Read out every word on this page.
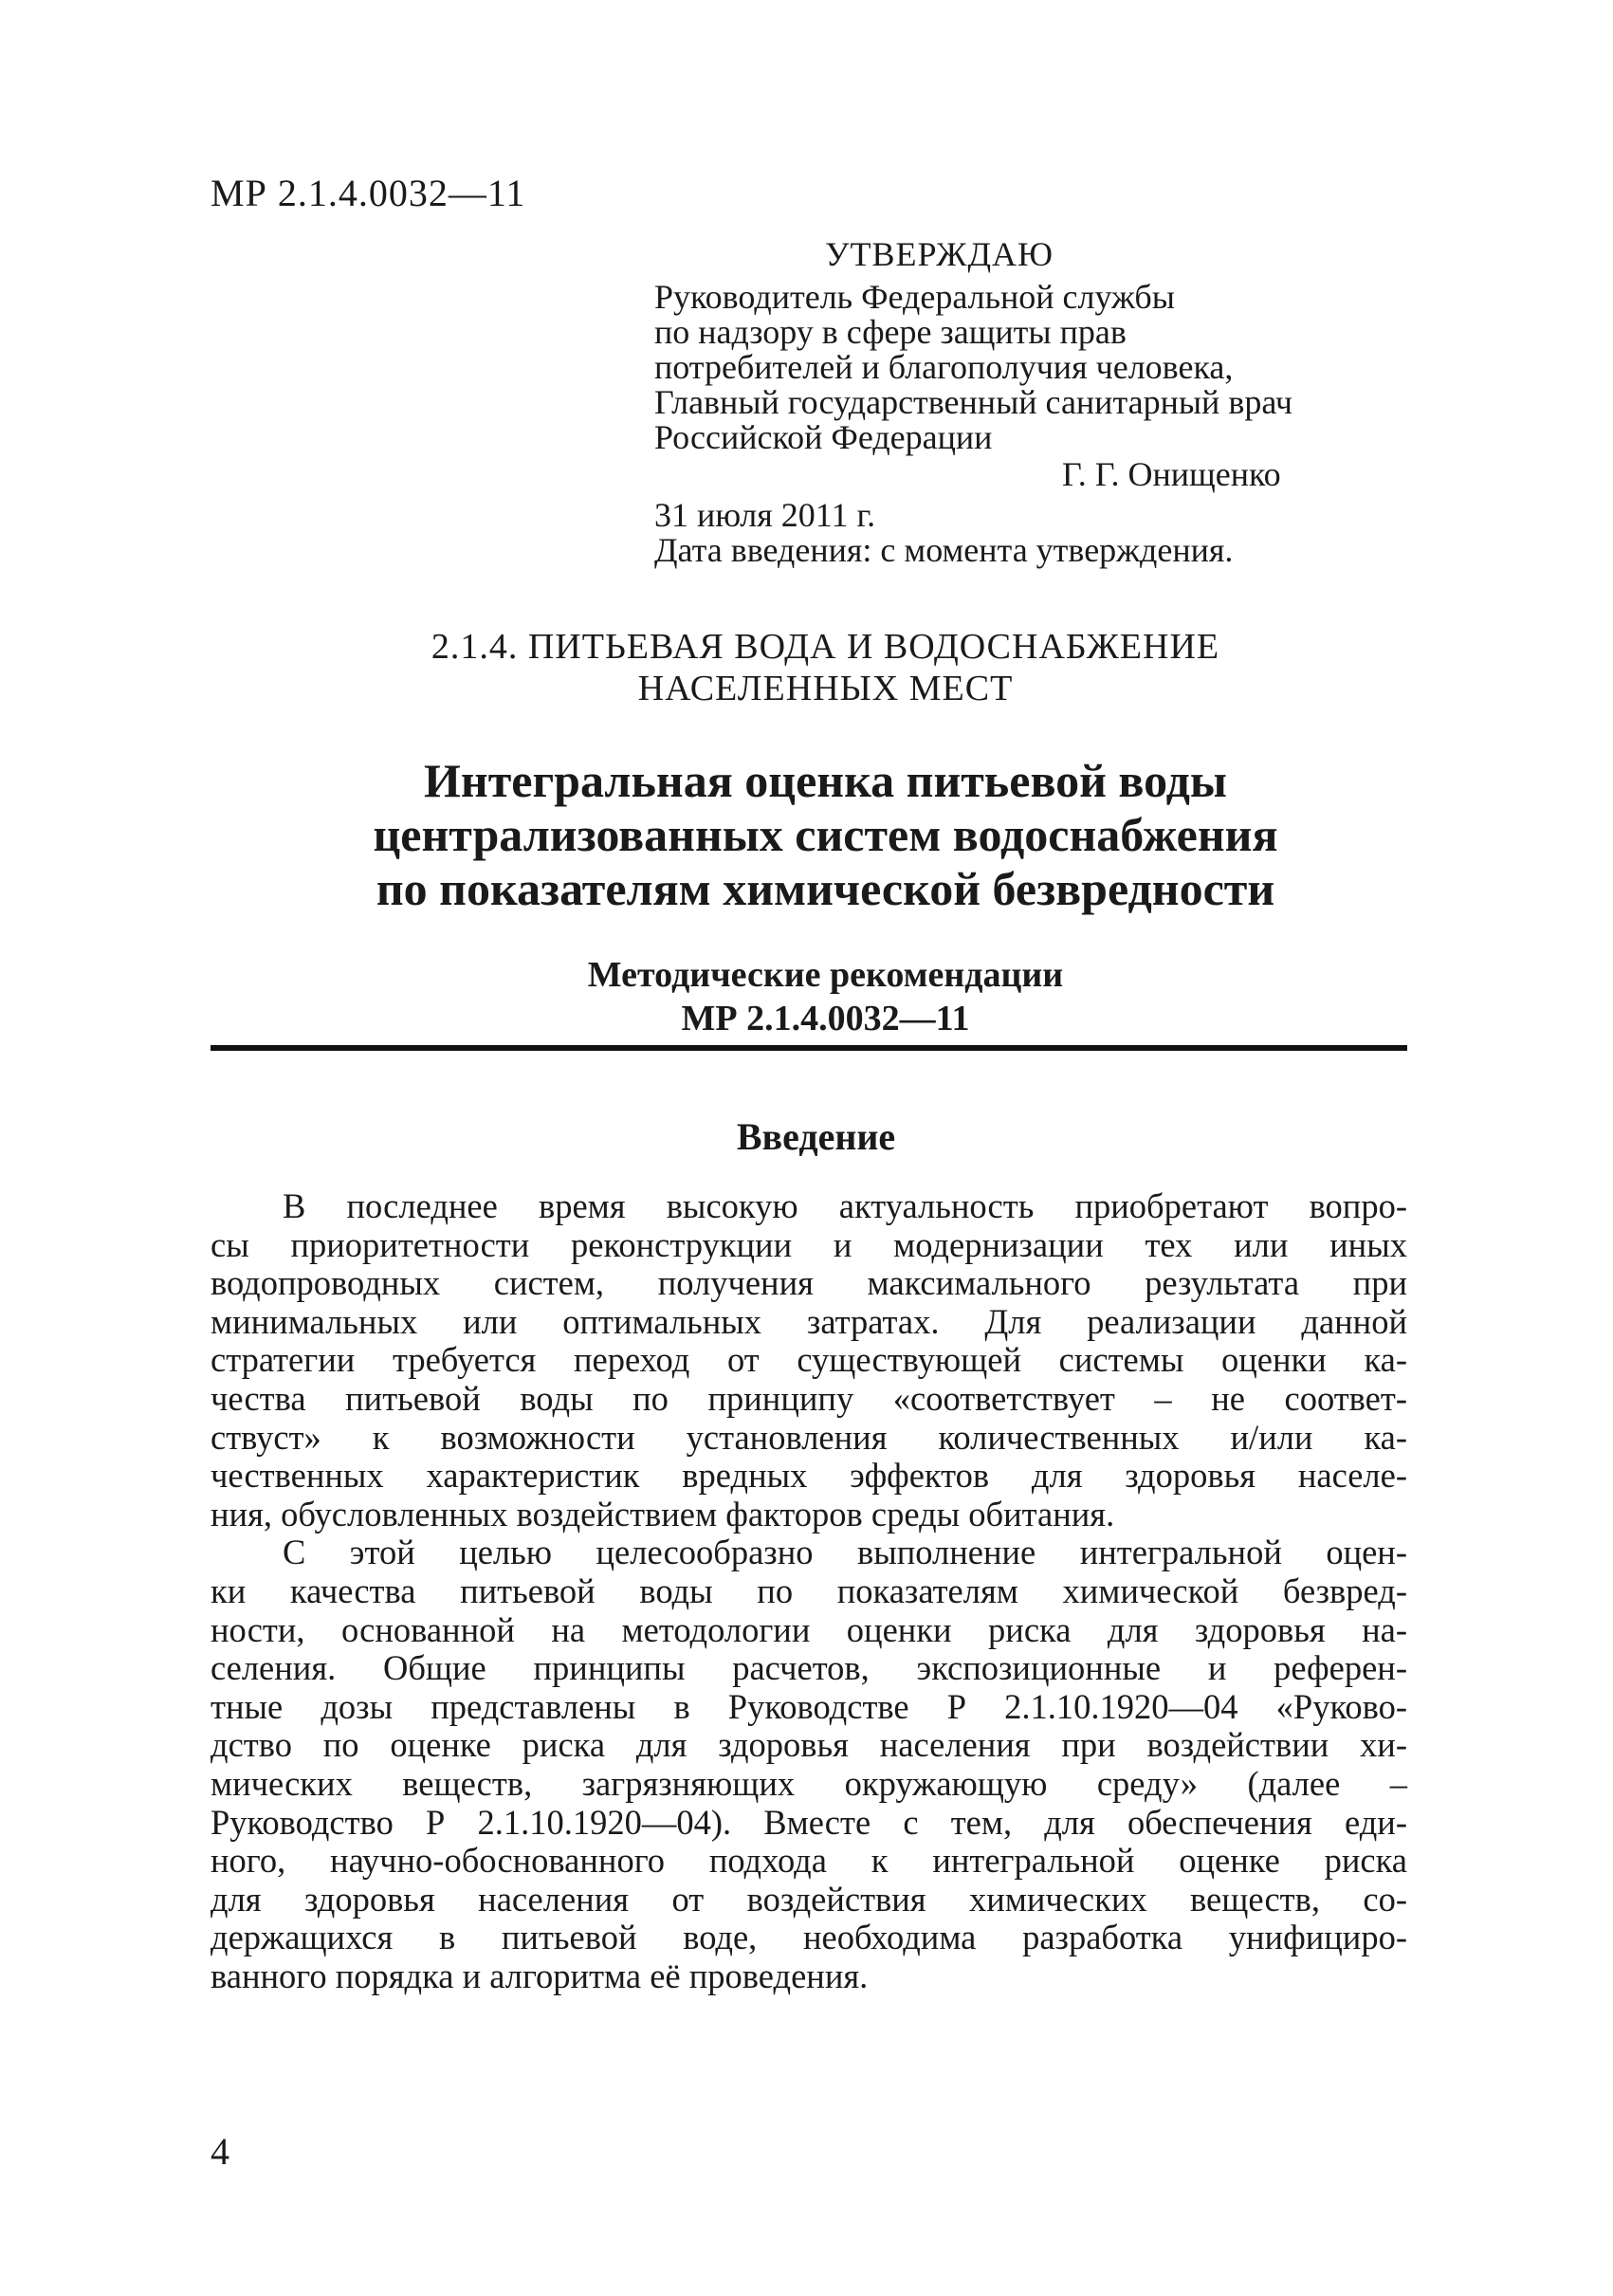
МР 2.1.4.0032—11
УТВЕРЖДАЮ
Руководитель Федеральной службы
по надзору в сфере защиты прав
потребителей и благополучия человека,
Главный государственный санитарный врач
Российской Федерации
Г. Г. Онищенко
31 июля 2011 г.
Дата введения: с момента утверждения.
2.1.4. ПИТЬЕВАЯ ВОДА И ВОДОСНАБЖЕНИЕ
НАСЕЛЕННЫХ МЕСТ
Интегральная оценка питьевой воды
централизованных систем водоснабжения
по показателям химической безвредности
Методические рекомендации
МР 2.1.4.0032—11
Введение
В последнее время высокую актуальность приобретают вопро-
сы приоритетности реконструкции и модернизации тех или иных
водопроводных систем, получения максимального результата при
минимальных или оптимальных затратах. Для реализации данной
стратегии требуется переход от существующей системы оценки ка-
чества питьевой воды по принципу «соответствует – не соответ-
ствуст» к возможности установления количественных и/или ка-
чественных характеристик вредных эффектов для здоровья населе-
ния, обусловленных воздействием факторов среды обитания.
С этой целью целесообразно выполнение интегральной оцен-
ки качества питьевой воды по показателям химической безвред-
ности, основанной на методологии оценки риска для здоровья на-
селения. Общие принципы расчетов, экспозиционные и референ-
тные дозы представлены в Руководстве Р 2.1.10.1920—04 «Руково-
дство по оценке риска для здоровья населения при воздействии хи-
мических веществ, загрязняющих окружающую среду» (далее –
Руководство Р 2.1.10.1920—04). Вместе с тем, для обеспечения еди-
ного, научно-обоснованного подхода к интегральной оценке риска
для здоровья населения от воздействия химических веществ, со-
держащихся в питьевой воде, необходима разработка унифициро-
ванного порядка и алгоритма её проведения.
4
